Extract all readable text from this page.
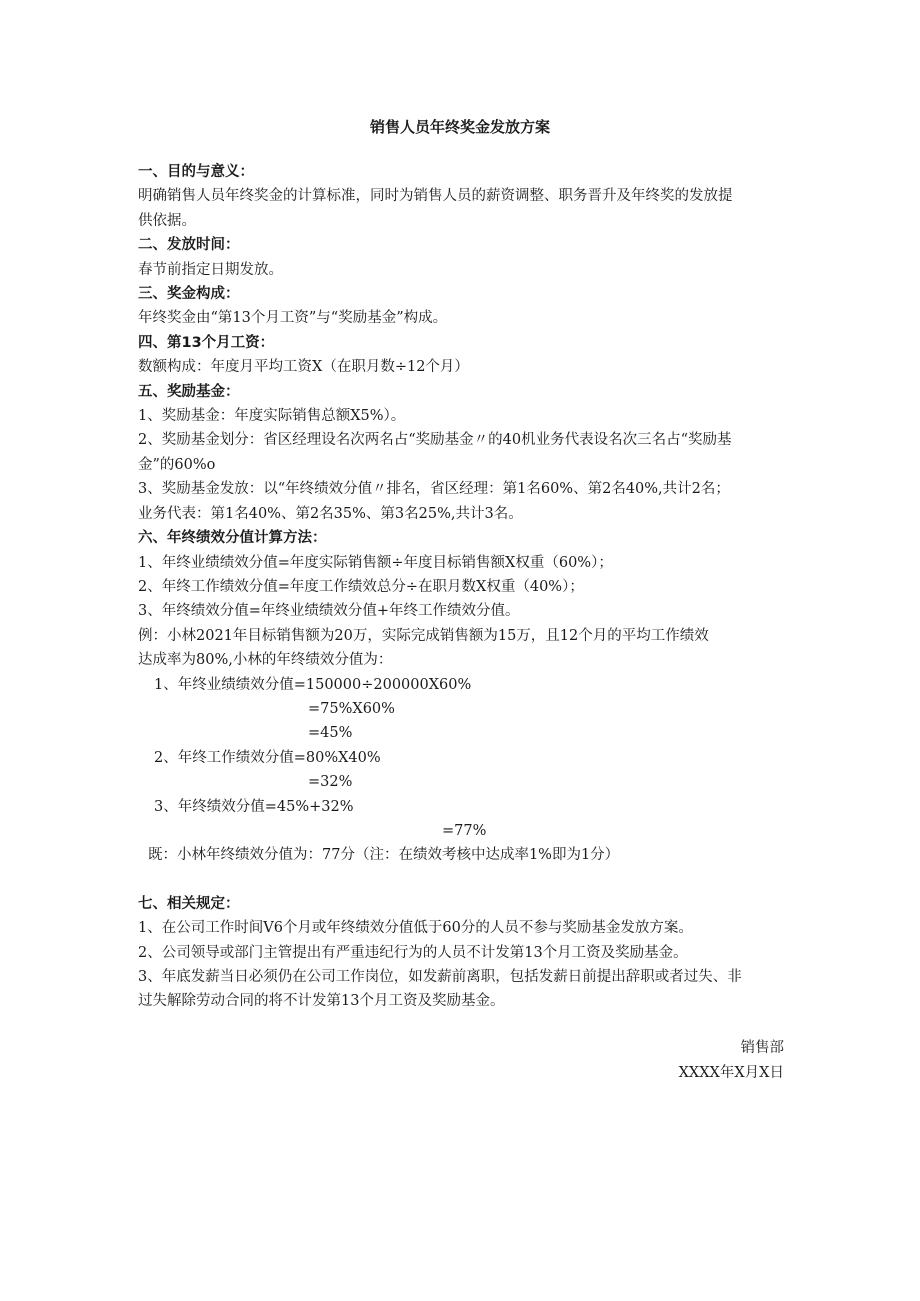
销售人员年终奖金发放方案

一、目的与意义：

明确销售人员年终奖金的计算标准，同时为销售人员的薪资调整、职务晋升及年终奖的发放提

供依据。

二、发放时间：

春节前指定日期发放。

三、奖金构成：

年终奖金由“第13个月工资”与“奖励基金”构成。

四、第13个月工资：

数额构成：年度月平均工资X（在职月数÷12个月）

五、奖励基金：

1、奖励基金：年度实际销售总额X5%）。

2、奖励基金划分：省区经理设名次两名占“奖励基金〃的40机业务代表设名次三名占“奖励基

金”的60%o

3、奖励基金发放：以“年终绩效分值〃排名，省区经理：第1名60%、第2名40%,共计2名；

业务代表：第1名40%、第2名35%、第3名25%,共计3名。

六、年终绩效分值计算方法：

1、年终业绩绩效分值=年度实际销售额÷年度目标销售额X权重（60%）；

2、年终工作绩效分值=年度工作绩效总分÷在职月数X权重（40%）；

3、年终绩效分值=年终业绩绩效分值+年终工作绩效分值。

例：小林2021年目标销售额为20万，实际完成销售额为15万，且12个月的平均工作绩效

达成率为80%,小林的年终绩效分值为：

1、年终业绩绩效分值=150000÷200000X60%

=75%X60%

=45%

2、年终工作绩效分值=80%X40%

=32%

3、年终绩效分值=45%+32%

=77%

既：小林年终绩效分值为：77分（注：在绩效考核中达成率1%即为1分）

七、相关规定：

1、在公司工作时间V6个月或年终绩效分值低于60分的人员不参与奖励基金发放方案。

2、公司领导或部门主管提出有严重违纪行为的人员不计发第13个月工资及奖励基金。

3、年底发薪当日必须仍在公司工作岗位，如发薪前离职，包括发薪日前提出辞职或者过失、非

过失解除劳动合同的将不计发第13个月工资及奖励基金。

销售部
XXXX年X月X日
